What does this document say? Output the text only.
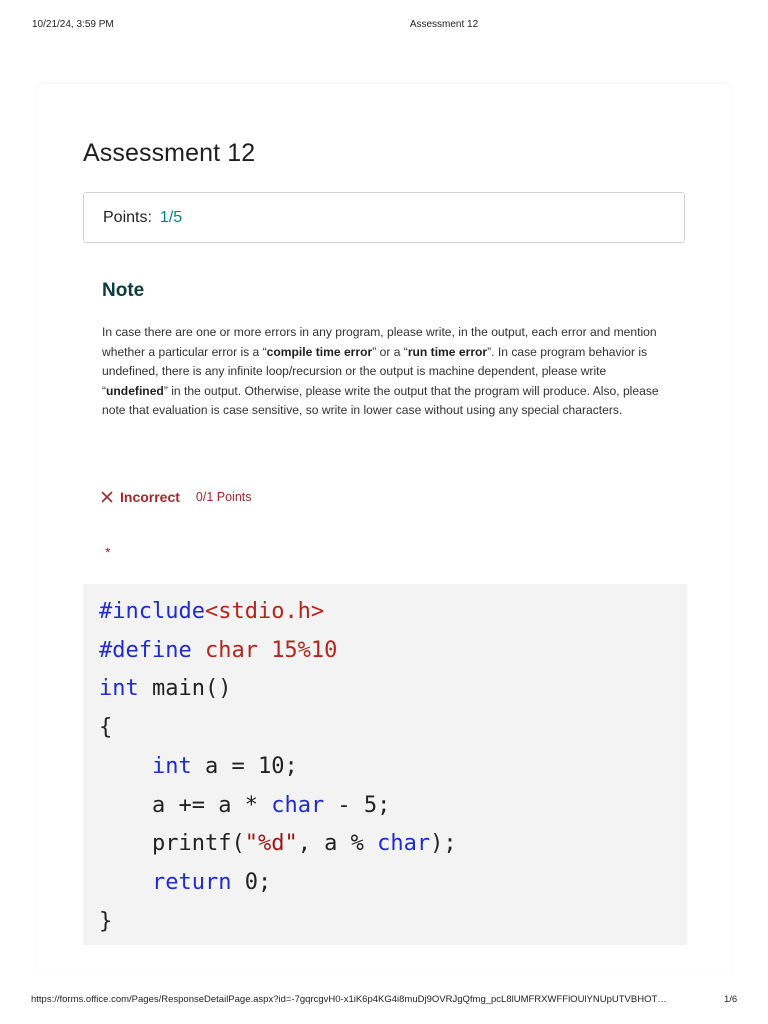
10/21/24, 3:59 PM	Assessment 12
Assessment 12
Points: 1/5
Note
In case there are one or more errors in any program, please write, in the output, each error and mention whether a particular error is a “compile time error” or a “run time error”. In case program behavior is undefined, there is any infinite loop/recursion or the output is machine dependent, please write “undefined” in the output. Otherwise, please write the output that the program will produce. Also, please note that evaluation is case sensitive, so write in lower case without using any special characters.
Incorrect 0/1 Points
*
#include<stdio.h>
#define char 15%10
int main()
{
int a = 10;
a += a * char - 5;
printf("%d", a % char);
return 0;
}
https://forms.office.com/Pages/ResponseDetailPage.aspx?id=-7gqrcgvH0-x1iK6p4KG4i8muDj9OVRJgQfmg_pcL8lUMFRXWFFlOUlYNUpUTVBHOT…	1/6
